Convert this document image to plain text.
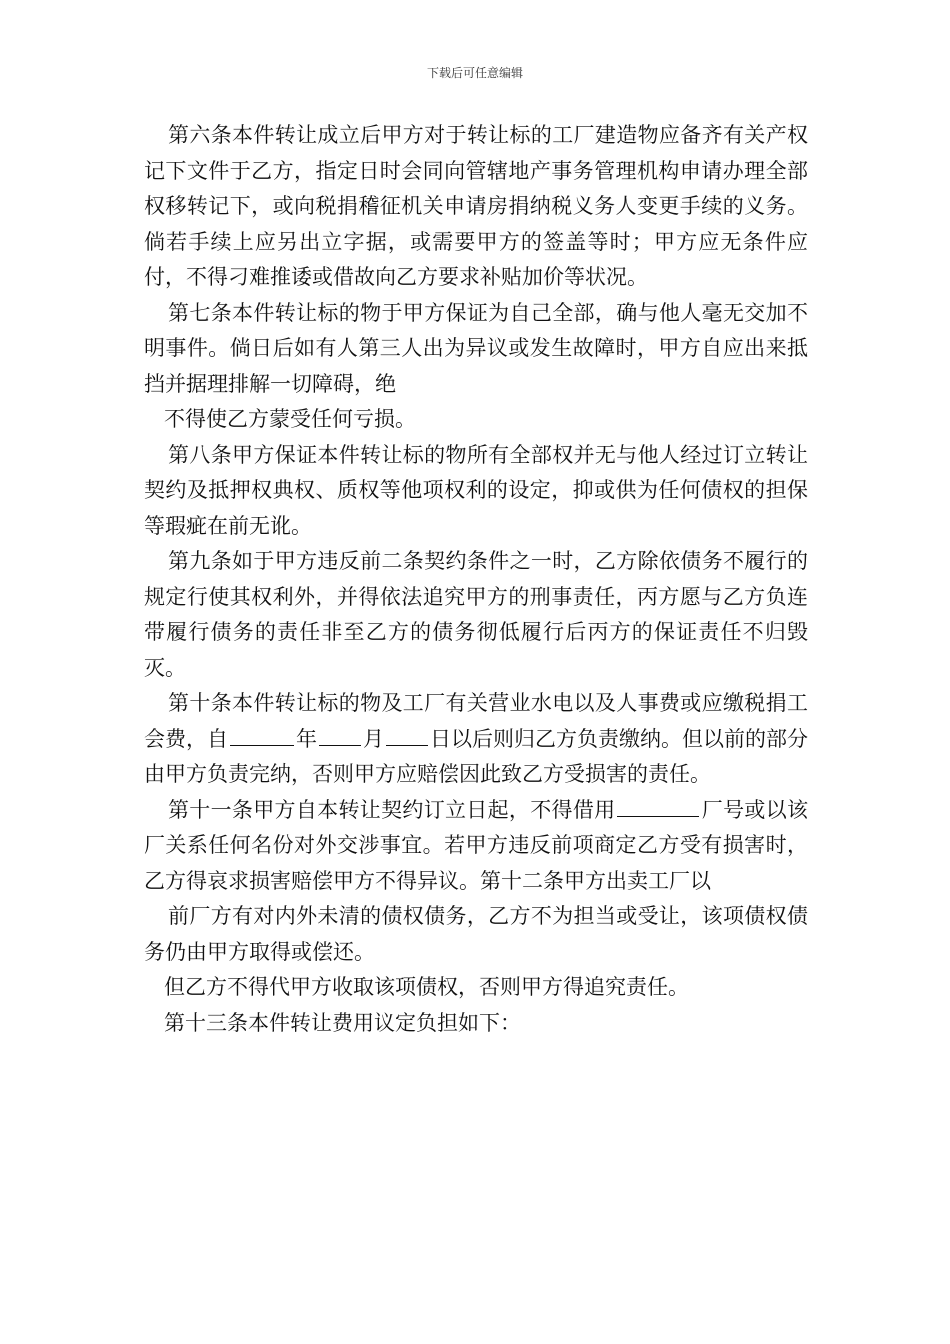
下载后可任意编辑

第六条本件转让成立后甲方对于转让标的工厂建造物应备齐有关产权记下文件于乙方，指定日时会同向管辖地产事务管理机构申请办理全部权移转记下，或向税捐稽征机关申请房捐纳税义务人变更手续的义务。倘若手续上应另出立字据，或需要甲方的签盖等时；甲方应无条件应付，不得刁难推诿或借故向乙方要求补贴加价等状况。

第七条本件转让标的物于甲方保证为自己全部，确与他人毫无交加不明事件。倘日后如有人第三人出为异议或发生故障时，甲方自应出来抵挡并据理排解一切障碍，绝

不得使乙方蒙受任何亏损。

第八条甲方保证本件转让标的物所有全部权并无与他人经过订立转让契约及抵押权典权、质权等他项权利的设定，抑或供为任何债权的担保等瑕疵在前无讹。

第九条如于甲方违反前二条契约条件之一时，乙方除依债务不履行的规定行使其权利外，并得依法追究甲方的刑事责任，丙方愿与乙方负连带履行债务的责任非至乙方的债务彻低履行后丙方的保证责任不归毁灭。

第十条本件转让标的物及工厂有关营业水电以及人事费或应缴税捐工会费，自	年 月 日以后则归乙方负责缴纳。但以前的部分由甲方负责完纳，否则甲方应赔偿因此致乙方受损害的责任。

第十一条甲方自本转让契约订立日起，不得借用	厂号或以该厂关系任何名份对外交涉事宜。若甲方违反前项商定乙方受有损害时，乙方得哀求损害赔偿甲方不得异议。第十二条甲方出卖工厂以

前厂方有对内外未清的债权债务，乙方不为担当或受让，该项债权债务仍由甲方取得或偿还。

但乙方不得代甲方收取该项债权，否则甲方得追究责任。

第十三条本件转让费用议定负担如下：
